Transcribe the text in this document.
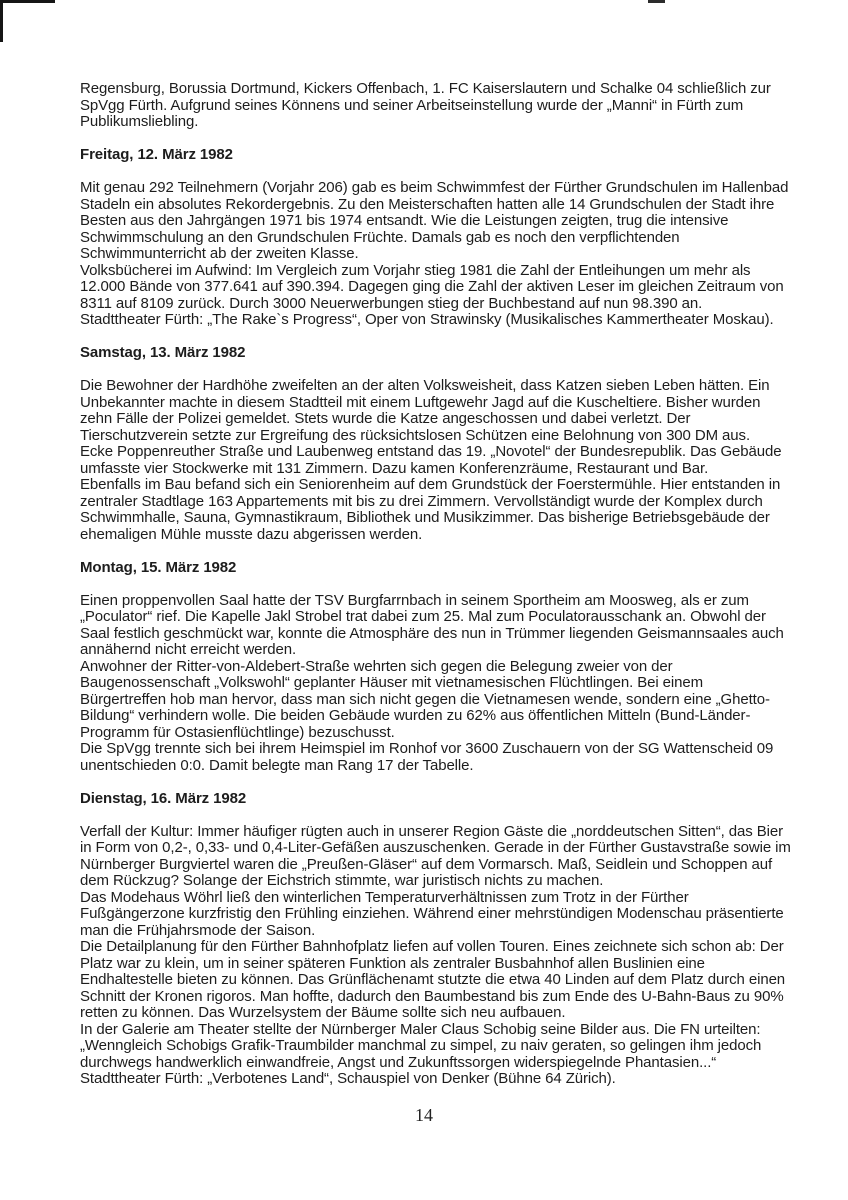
Regensburg, Borussia Dortmund, Kickers Offenbach, 1. FC Kaiserslautern und Schalke 04 schließlich zur
SpVgg Fürth. Aufgrund seines Könnens und seiner Arbeitseinstellung wurde der „Manni“ in Fürth zum
Publikumsliebling.
Freitag, 12. März 1982
Mit genau 292 Teilnehmern (Vorjahr 206) gab es beim Schwimmfest der Fürther Grundschulen im Hallenbad
Stadeln ein absolutes Rekordergebnis. Zu den Meisterschaften hatten alle 14 Grundschulen der Stadt ihre
Besten aus den Jahrgängen 1971 bis 1974 entsandt. Wie die Leistungen zeigten, trug die intensive
Schwimmschulung an den Grundschulen Früchte. Damals gab es noch den verpflichtenden
Schwimmunterricht ab der zweiten Klasse.
Volksbücherei im Aufwind: Im Vergleich zum Vorjahr stieg 1981 die Zahl der Entleihungen um mehr als
12.000 Bände von 377.641 auf 390.394. Dagegen ging die Zahl der aktiven Leser im gleichen Zeitraum von
8311 auf 8109 zurück. Durch 3000 Neuerwerbungen stieg der Buchbestand auf nun 98.390 an.
Stadttheater Fürth: „The Rake`s Progress“, Oper von Strawinsky (Musikalisches Kammertheater Moskau).
Samstag, 13. März 1982
Die Bewohner der Hardhöhe zweifelten an der alten Volksweisheit, dass Katzen sieben Leben hätten. Ein
Unbekannter machte in diesem Stadtteil mit einem Luftgewehr Jagd auf die Kuscheltiere. Bisher wurden
zehn Fälle der Polizei gemeldet. Stets wurde die Katze angeschossen und dabei verletzt. Der
Tierschutzverein setzte zur Ergreifung des rücksichtslosen Schützen eine Belohnung von 300 DM aus.
Ecke Poppenreuther Straße und Laubenweg entstand das 19. „Novotel“ der Bundesrepublik. Das Gebäude
umfasste vier Stockwerke mit 131 Zimmern. Dazu kamen Konferenzräume, Restaurant und Bar.
Ebenfalls im Bau befand sich ein Seniorenheim auf dem Grundstück der Foerstermühle. Hier entstanden in
zentraler Stadtlage 163 Appartements mit bis zu drei Zimmern. Vervollständigt wurde der Komplex durch
Schwimmhalle, Sauna, Gymnastikraum, Bibliothek und Musikzimmer. Das bisherige Betriebsgebäude der
ehemaligen Mühle musste dazu abgerissen werden.
Montag, 15. März 1982
Einen proppenvollen Saal hatte der TSV Burgfarrnbach in seinem Sportheim am Moosweg, als er zum
„Poculator“ rief. Die Kapelle Jakl Strobel trat dabei zum 25. Mal zum Poculatorausschank an. Obwohl der
Saal festlich geschmückt war, konnte die Atmosphäre des nun in Trümmer liegenden Geismannsaales auch
annähernd nicht erreicht werden.
Anwohner der Ritter-von-Aldebert-Straße wehrten sich gegen die Belegung zweier von der
Baugenossenschaft „Volkswohl“ geplanter Häuser mit vietnamesischen Flüchtlingen. Bei einem
Bürgertreffen hob man hervor, dass man sich nicht gegen die Vietnamesen wende, sondern eine „Ghetto-
Bildung“ verhindern wolle. Die beiden Gebäude wurden zu 62% aus öffentlichen Mitteln (Bund-Länder-
Programm für Ostasienflüchtlinge) bezuschusst.
Die SpVgg trennte sich bei ihrem Heimspiel im Ronhof vor 3600 Zuschauern von der SG Wattenscheid 09
unentschieden 0:0. Damit belegte man Rang 17 der Tabelle.
Dienstag, 16. März 1982
Verfall der Kultur: Immer häufiger rügten auch in unserer Region Gäste die „norddeutschen Sitten“, das Bier
in Form von 0,2-, 0,33- und 0,4-Liter-Gefäßen auszuschenken. Gerade in der Fürther Gustavstraße sowie im
Nürnberger Burgviertel waren die „Preußen-Gläser“ auf dem Vormarsch. Maß, Seidlein und Schoppen auf
dem Rückzug? Solange der Eichstrich stimmte, war juristisch nichts zu machen.
Das Modehaus Wöhrl ließ den winterlichen Temperaturverhältnissen zum Trotz in der Fürther
Fußgängerzone kurzfristig den Frühling einziehen. Während einer mehrstündigen Modenschau präsentierte
man die Frühjahrsmode der Saison.
Die Detailplanung für den Fürther Bahnhofplatz liefen auf vollen Touren. Eines zeichnete sich schon ab: Der
Platz war zu klein, um in seiner späteren Funktion als zentraler Busbahnhof allen Buslinien eine
Endhaltestelle bieten zu können. Das Grünflächenamt stutzte die etwa 40 Linden auf dem Platz durch einen
Schnitt der Kronen rigoros. Man hoffte, dadurch den Baumbestand bis zum Ende des U-Bahn-Baus zu 90%
retten zu können. Das Wurzelsystem der Bäume sollte sich neu aufbauen.
In der Galerie am Theater stellte der Nürnberger Maler Claus Schobig seine Bilder aus. Die FN urteilten:
„Wenngleich Schobigs Grafik-Traumbilder manchmal zu simpel, zu naiv geraten, so gelingen ihm jedoch
durchwegs handwerklich einwandfreie, Angst und Zukunftssorgen widerspiegelnde Phantasien...“
Stadttheater Fürth: „Verbotenes Land“, Schauspiel von Denker (Bühne 64 Zürich).
14
